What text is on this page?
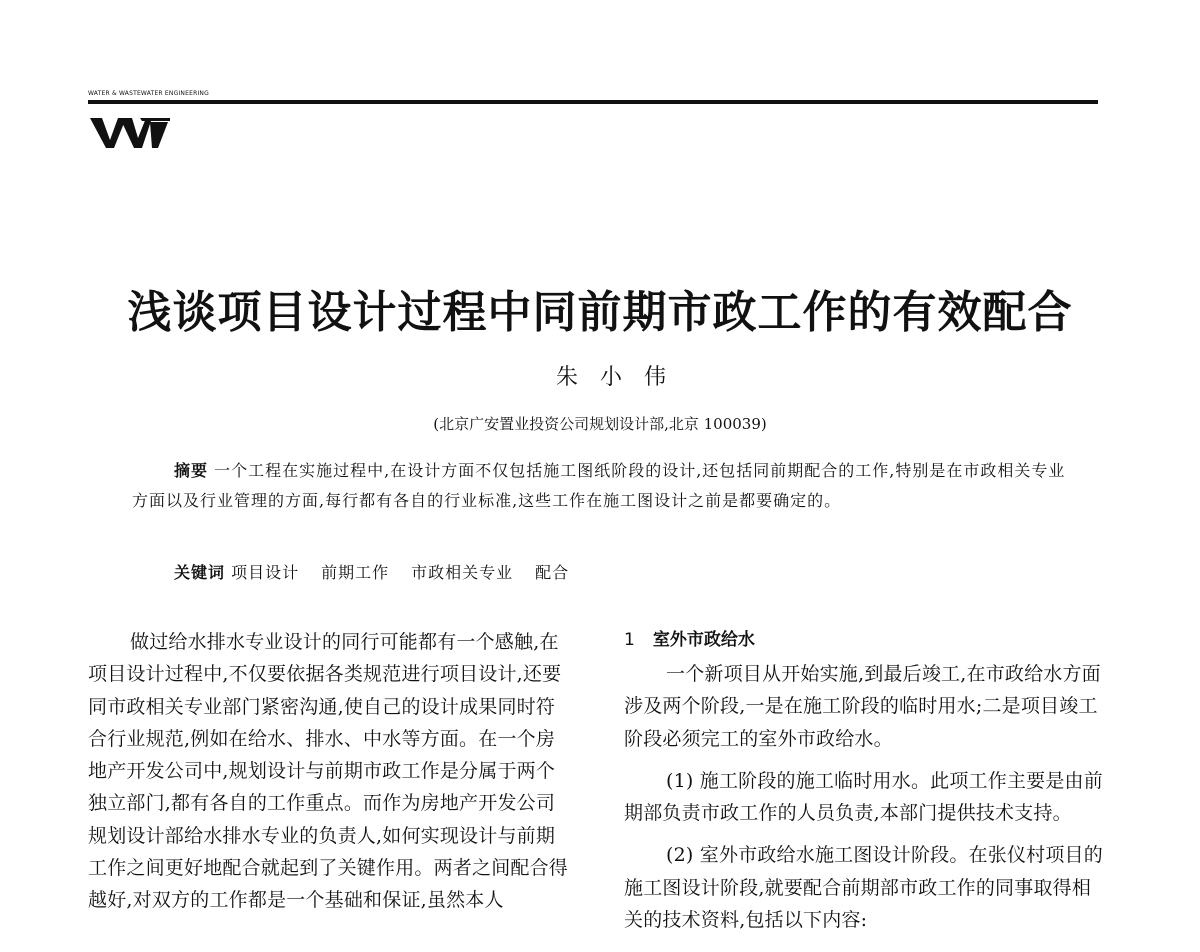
WATER & WASTEWATER ENGINEERING
浅谈项目设计过程中同前期市政工作的有效配合
朱小伟
(北京广安置业投资公司规划设计部,北京 100039)
摘要 一个工程在实施过程中,在设计方面不仅包括施工图纸阶段的设计,还包括同前期配合的工作,特别是在市政相关专业方面以及行业管理的方面,每行都有各自的行业标准,这些工作在施工图设计之前是都要确定的。
关键词 项目设计 前期工作 市政相关专业 配合

做过给水排水专业设计的同行可能都有一个感触,在项目设计过程中,不仅要依据各类规范进行项目设计,还要同市政相关专业部门紧密沟通,使自己的设计成果同时符合行业规范,例如在给水、排水、中水等方面。在一个房地产开发公司中,规划设计与前期市政工作是分属于两个独立部门,都有各自的工作重点。而作为房地产开发公司规划设计部给水排水专业的负责人,如何实现设计与前期工作之间更好地配合就起到了关键作用。两者之间配合得越好,对双方的工作都是一个基础和保证,虽然本人

1 室外市政给水

一个新项目从开始实施,到最后竣工,在市政给水方面涉及两个阶段,一是在施工阶段的临时用水;二是项目竣工阶段必须完工的室外市政给水。

(1) 施工阶段的施工临时用水。此项工作主要是由前期部负责市政工作的人员负责,本部门提供技术支持。

(2) 室外市政给水施工图设计阶段。在张仪村项目的施工图设计阶段,就要配合前期部市政工作的同事取得相关的技术资料,包括以下内容:
